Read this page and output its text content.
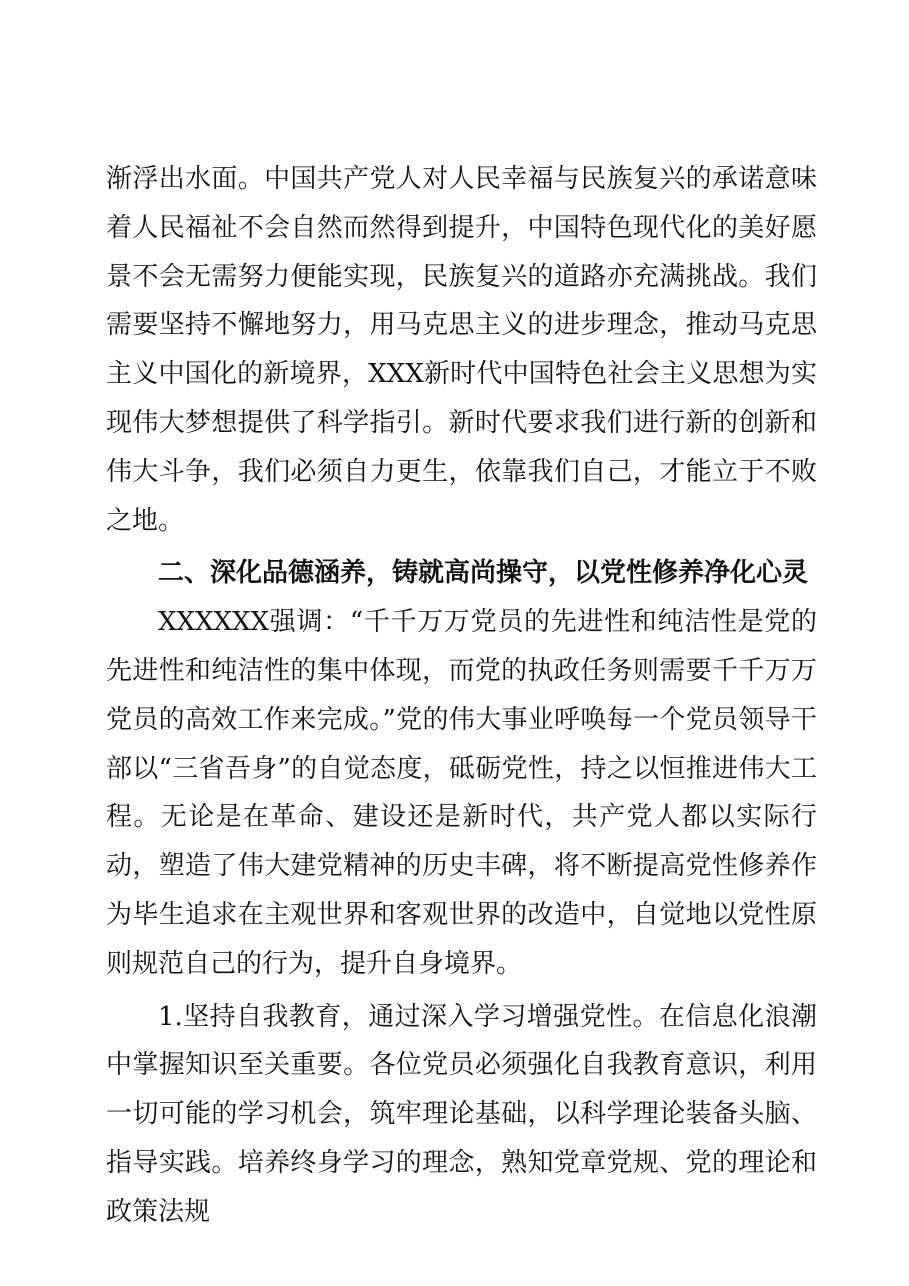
渐浮出水面。中国共产党人对人民幸福与民族复兴的承诺意味着人民福祉不会自然而然得到提升，中国特色现代化的美好愿景不会无需努力便能实现，民族复兴的道路亦充满挑战。我们需要坚持不懈地努力，用马克思主义的进步理念，推动马克思主义中国化的新境界，XXX新时代中国特色社会主义思想为实现伟大梦想提供了科学指引。新时代要求我们进行新的创新和伟大斗争，我们必须自力更生，依靠我们自己，才能立于不败之地。

二、深化品德涵养，铸就高尚操守，以党性修养净化心灵

XXXXXX强调：“千千万万党员的先进性和纯洁性是党的先进性和纯洁性的集中体现，而党的执政任务则需要千千万万党员的高效工作来完成。”党的伟大事业呼唤每一个党员领导干部以“三省吾身”的自觉态度，砥砺党性，持之以恒推进伟大工程。无论是在革命、建设还是新时代，共产党人都以实际行动，塑造了伟大建党精神的历史丰碑，将不断提高党性修养作为毕生追求在主观世界和客观世界的改造中，自觉地以党性原则规范自己的行为，提升自身境界。

1.坚持自我教育，通过深入学习增强党性。在信息化浪潮中掌握知识至关重要。各位党员必须强化自我教育意识，利用一切可能的学习机会，筑牢理论基础，以科学理论装备头脑、指导实践。培养终身学习的理念，熟知党章党规、党的理论和政策法规
